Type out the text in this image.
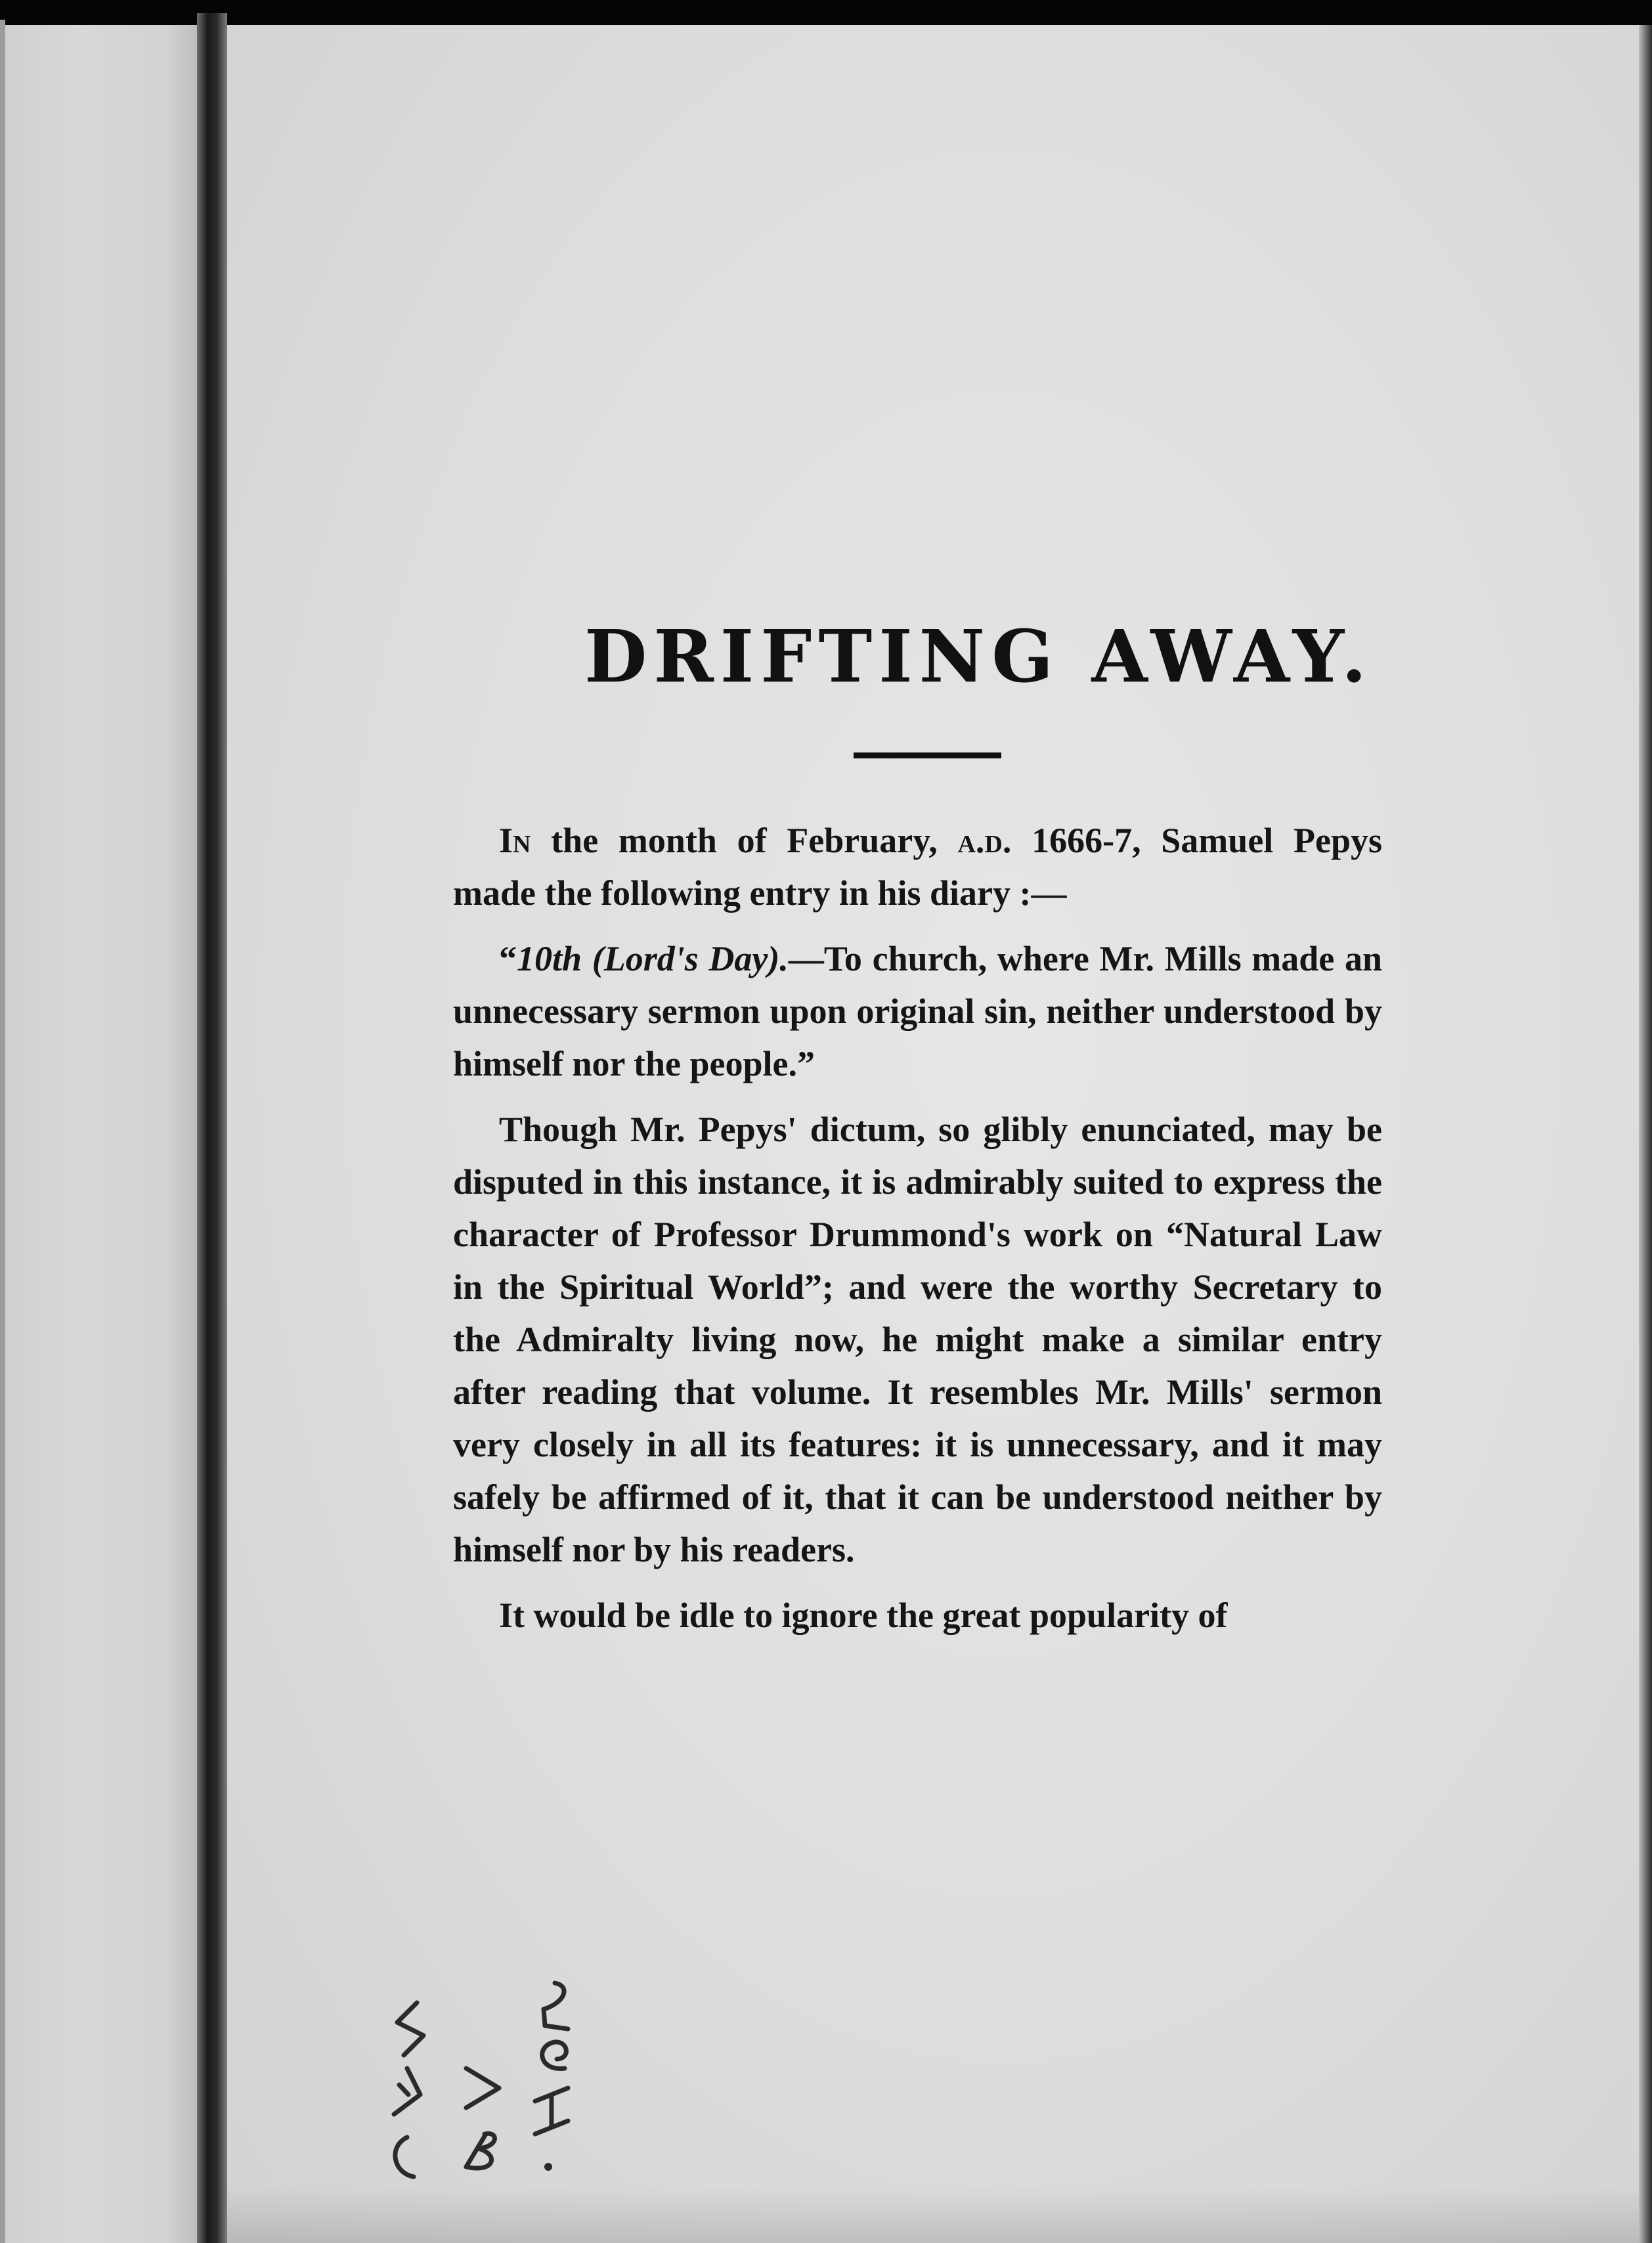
DRIFTING AWAY.

In the month of February, a.d. 1666-7, Samuel Pepys made the following entry in his diary :—

“10th (Lord's Day).—To church, where Mr. Mills made an unnecessary sermon upon original sin, neither understood by himself nor the people.”

Though Mr. Pepys' dictum, so glibly enunciated, may be disputed in this instance, it is admirably suited to express the character of Professor Drummond's work on “Natural Law in the Spiritual World”; and were the worthy Secretary to the Admiralty living now, he might make a similar entry after reading that volume. It resembles Mr. Mills' sermon very closely in all its features: it is unnecessary, and it may safely be affirmed of it, that it can be understood neither by himself nor by his readers.

It would be idle to ignore the great popularity of
